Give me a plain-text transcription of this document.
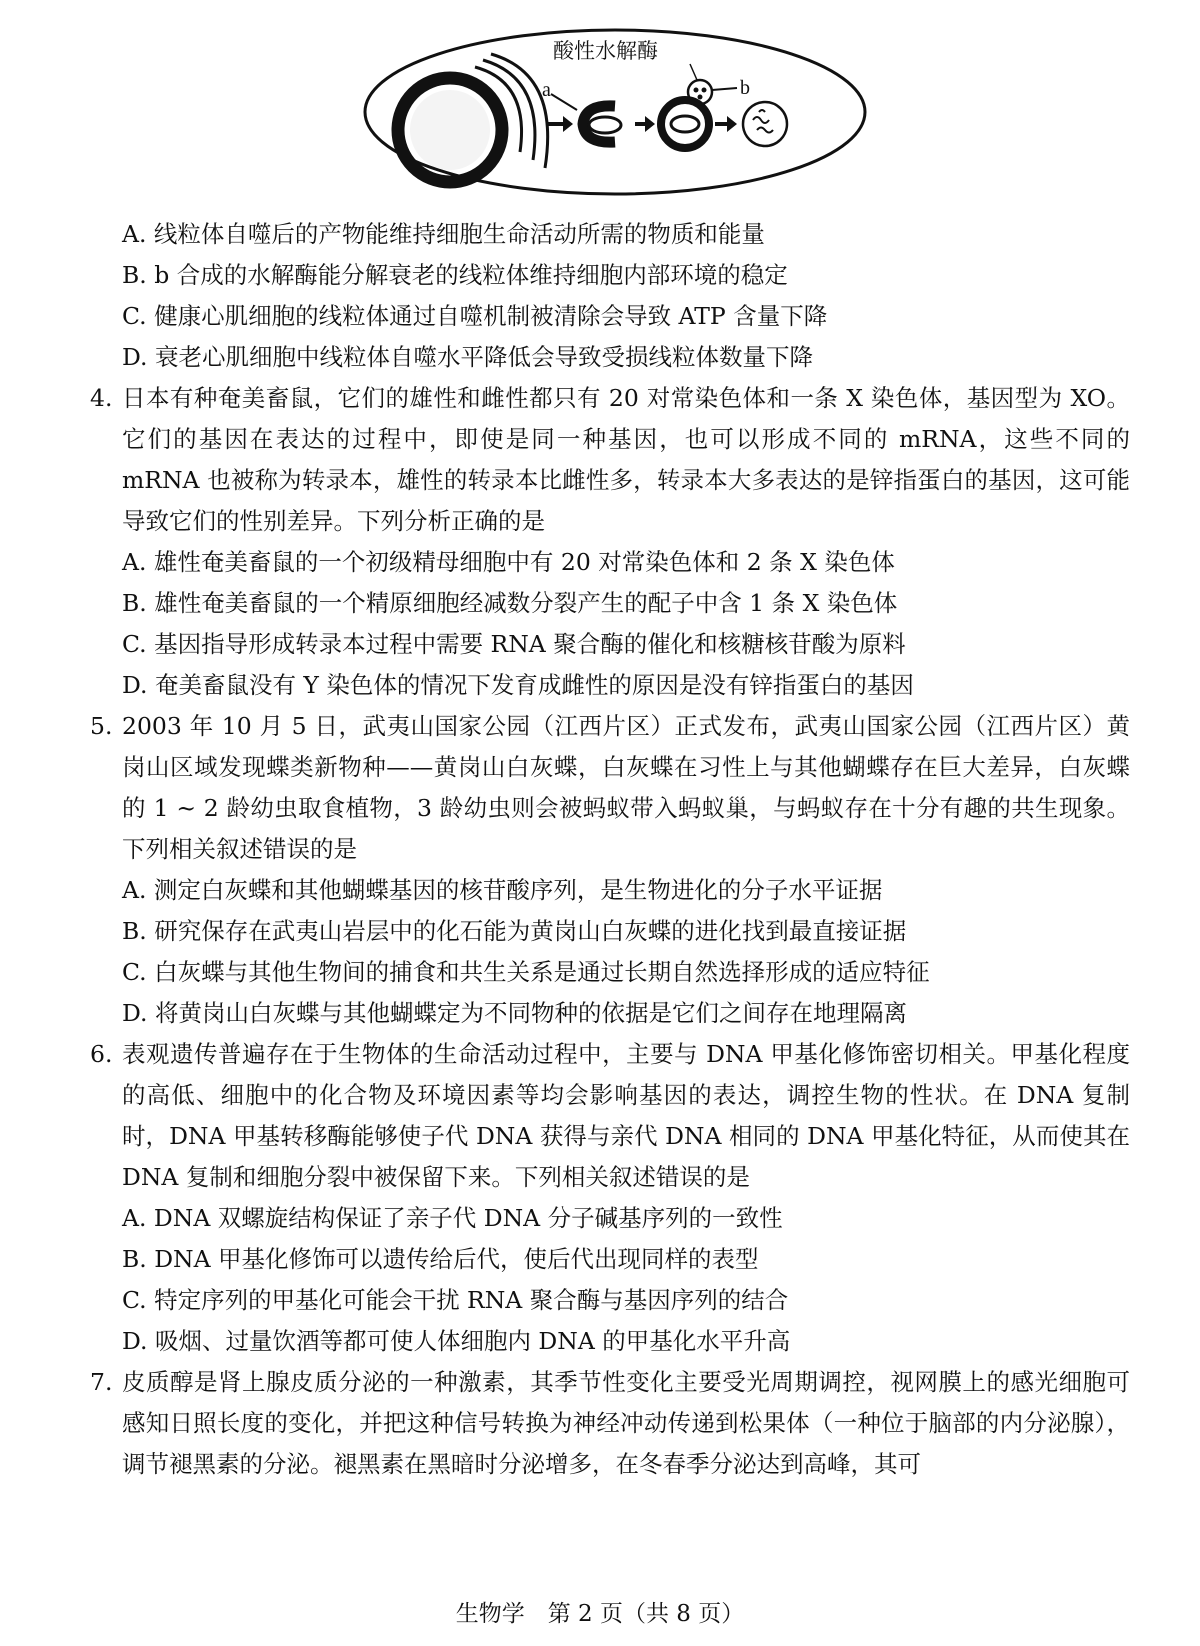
a	b
酸性水解酶
A. 线粒体自噬后的产物能维持细胞生命活动所需的物质和能量
B. b 合成的水解酶能分解衰老的线粒体维持细胞内部环境的稳定
C. 健康心肌细胞的线粒体通过自噬机制被清除会导致 ATP 含量下降
D. 衰老心肌细胞中线粒体自噬水平降低会导致受损线粒体数量下降
4. 日本有种奄美畜鼠，它们的雄性和雌性都只有 20 对常染色体和一条 X 染色体，基因型为 XO。它们的基因在表达的过程中，即使是同一种基因，也可以形成不同的 mRNA，这些不同的 mRNA 也被称为转录本，雄性的转录本比雌性多，转录本大多表达的是锌指蛋白的基因，这可能导致它们的性别差异。下列分析正确的是
A. 雄性奄美畜鼠的一个初级精母细胞中有 20 对常染色体和 2 条 X 染色体
B. 雄性奄美畜鼠的一个精原细胞经减数分裂产生的配子中含 1 条 X 染色体
C. 基因指导形成转录本过程中需要 RNA 聚合酶的催化和核糖核苷酸为原料
D. 奄美畜鼠没有 Y 染色体的情况下发育成雌性的原因是没有锌指蛋白的基因
5. 2003 年 10 月 5 日，武夷山国家公园（江西片区）正式发布，武夷山国家公园（江西片区）黄岗山区域发现蝶类新物种——黄岗山白灰蝶，白灰蝶在习性上与其他蝴蝶存在巨大差异，白灰蝶的 1 ~ 2 龄幼虫取食植物，3 龄幼虫则会被蚂蚁带入蚂蚁巢，与蚂蚁存在十分有趣的共生现象。下列相关叙述错误的是
A. 测定白灰蝶和其他蝴蝶基因的核苷酸序列，是生物进化的分子水平证据
B. 研究保存在武夷山岩层中的化石能为黄岗山白灰蝶的进化找到最直接证据
C. 白灰蝶与其他生物间的捕食和共生关系是通过长期自然选择形成的适应特征
D. 将黄岗山白灰蝶与其他蝴蝶定为不同物种的依据是它们之间存在地理隔离
6. 表观遗传普遍存在于生物体的生命活动过程中，主要与 DNA 甲基化修饰密切相关。甲基化程度的高低、细胞中的化合物及环境因素等均会影响基因的表达，调控生物的性状。在 DNA 复制时，DNA 甲基转移酶能够使子代 DNA 获得与亲代 DNA 相同的 DNA 甲基化特征，从而使其在 DNA 复制和细胞分裂中被保留下来。下列相关叙述错误的是
A. DNA 双螺旋结构保证了亲子代 DNA 分子碱基序列的一致性
B. DNA 甲基化修饰可以遗传给后代，使后代出现同样的表型
C. 特定序列的甲基化可能会干扰 RNA 聚合酶与基因序列的结合
D. 吸烟、过量饮酒等都可使人体细胞内 DNA 的甲基化水平升高
7. 皮质醇是肾上腺皮质分泌的一种激素，其季节性变化主要受光周期调控，视网膜上的感光细胞可感知日照长度的变化，并把这种信号转换为神经冲动传递到松果体（一种位于脑部的内分泌腺），调节褪黑素的分泌。褪黑素在黑暗时分泌增多，在冬春季分泌达到高峰，其可
生物学　第 2 页（共 8 页）
